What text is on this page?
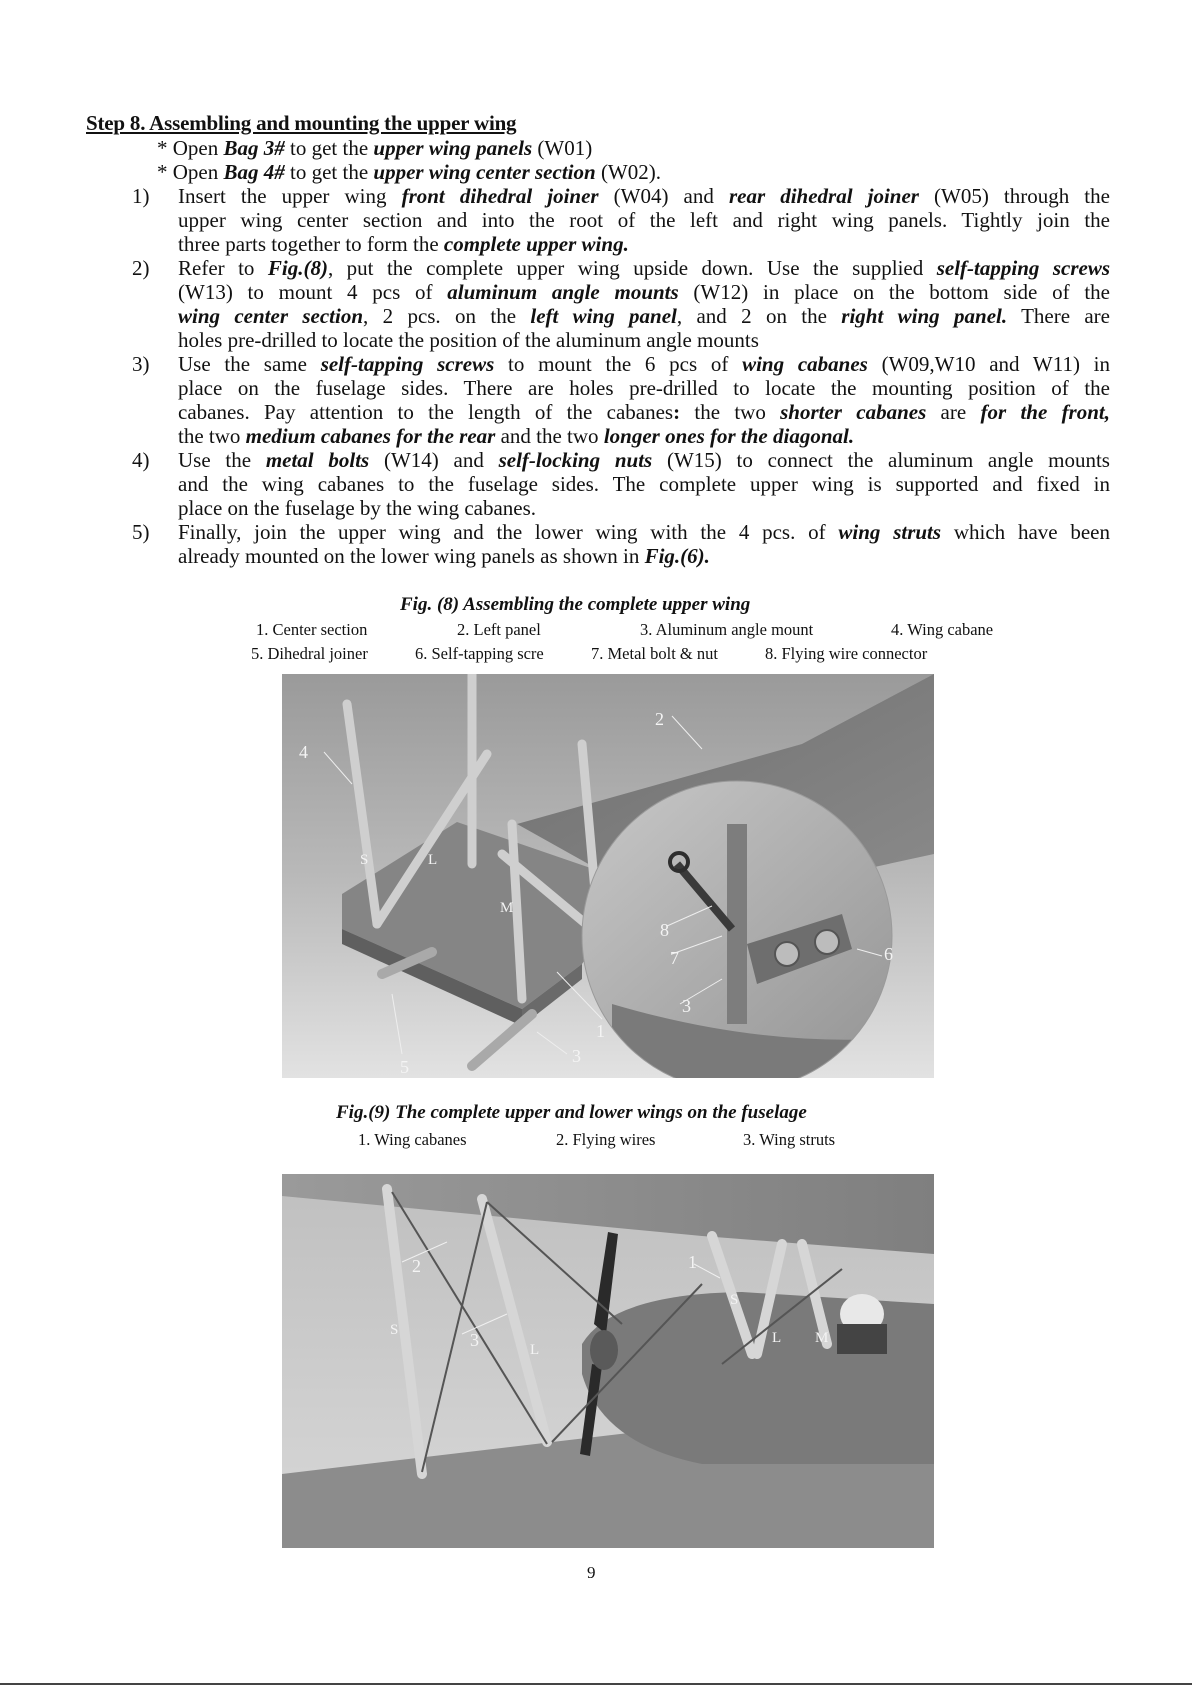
Step 8. Assembling and mounting the upper wing
* Open Bag 3# to get the upper wing panels (W01)
* Open Bag 4# to get the upper wing center section (W02).
1) Insert the upper wing front dihedral joiner (W04) and rear dihedral joiner (W05) through the
upper wing center section and into the root of the left and right wing panels. Tightly join the
three parts together to form the complete upper wing.
2) Refer to Fig.(8), put the complete upper wing upside down. Use the supplied self-tapping screws
(W13) to mount 4 pcs of aluminum angle mounts (W12) in place on the bottom side of the
wing center section, 2 pcs. on the left wing panel, and 2 on the right wing panel. There are
holes pre-drilled to locate the position of the aluminum angle mounts
3) Use the same self-tapping screws to mount the 6 pcs of wing cabanes (W09,W10 and W11) in
place on the fuselage sides. There are holes pre-drilled to locate the mounting position of the
cabanes. Pay attention to the length of the cabanes: the two shorter cabanes are for the front,
the two medium cabanes for the rear and the two longer ones for the diagonal.
4) Use the metal bolts (W14) and self-locking nuts (W15) to connect the aluminum angle mounts
and the wing cabanes to the fuselage sides. The complete upper wing is supported and fixed in
place on the fuselage by the wing cabanes.
5) Finally, join the upper wing and the lower wing with the 4 pcs. of wing struts which have been
already mounted on the lower wing panels as shown in Fig.(6).
Fig. (8) Assembling the complete upper wing
1. Center section	2. Left panel	3. Aluminum angle mount	4. Wing cabane
5. Dihedral joiner	6. Self-tapping scre	7. Metal bolt & nut	8. Flying wire connector
1
2
3
3
4
5
6
7
8
S	L
M
Fig.(9) The complete upper and lower wings on the fuselage
1. Wing cabanes	2. Flying wires	3. Wing struts
1
2
3
S
L
S
L M
9
